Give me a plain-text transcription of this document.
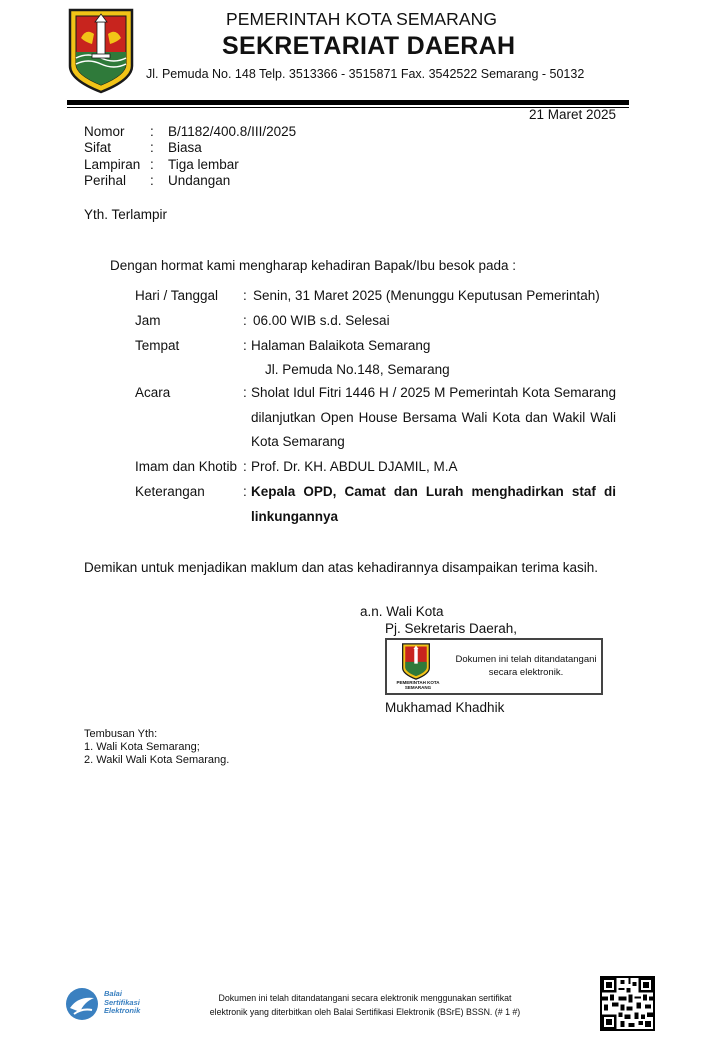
PEMERINTAH KOTA SEMARANG
SEKRETARIAT DAERAH
Jl. Pemuda No. 148 Telp. 3513366 - 3515871 Fax. 3542522 Semarang - 50132
21 Maret 2025
Nomor	:	B/1182/400.8/III/2025
Sifat	:	Biasa
Lampiran :	Tiga lembar
Perihal	:	Undangan
Yth. Terlampir
Dengan hormat kami mengharap kehadiran Bapak/Ibu besok pada :
Hari / Tanggal	: Senin, 31 Maret 2025 (Menunggu Keputusan Pemerintah)
Jam	: 06.00 WIB s.d. Selesai
Tempat	: Halaman Balaikota Semarang
Jl. Pemuda No.148, Semarang
Acara	: Sholat Idul Fitri 1446 H / 2025 M Pemerintah Kota Semarang dilanjutkan Open House Bersama Wali Kota dan Wakil Wali Kota Semarang
Imam dan Khotib : Prof. Dr. KH. ABDUL DJAMIL, M.A
Keterangan	: Kepala OPD, Camat dan Lurah menghadirkan staf di linkungannya
Demikan untuk menjadikan maklum dan atas kehadirannya disampaikan terima kasih.
a.n. Wali Kota
Pj. Sekretaris Daerah,
PEMERINTAH KOTA SEMARANG
Dokumen ini telah ditandatangani secara elektronik.
Mukhamad Khadhik
Tembusan Yth:
1. Wali Kota Semarang;
2. Wakil Wali Kota Semarang.
Balai
Sertifikasi
Elektronik
Dokumen ini telah ditandatangani secara elektronik menggunakan sertifikat
elektronik yang diterbitkan oleh Balai Sertifikasi Elektronik (BSrE) BSSN. (# 1 #)
